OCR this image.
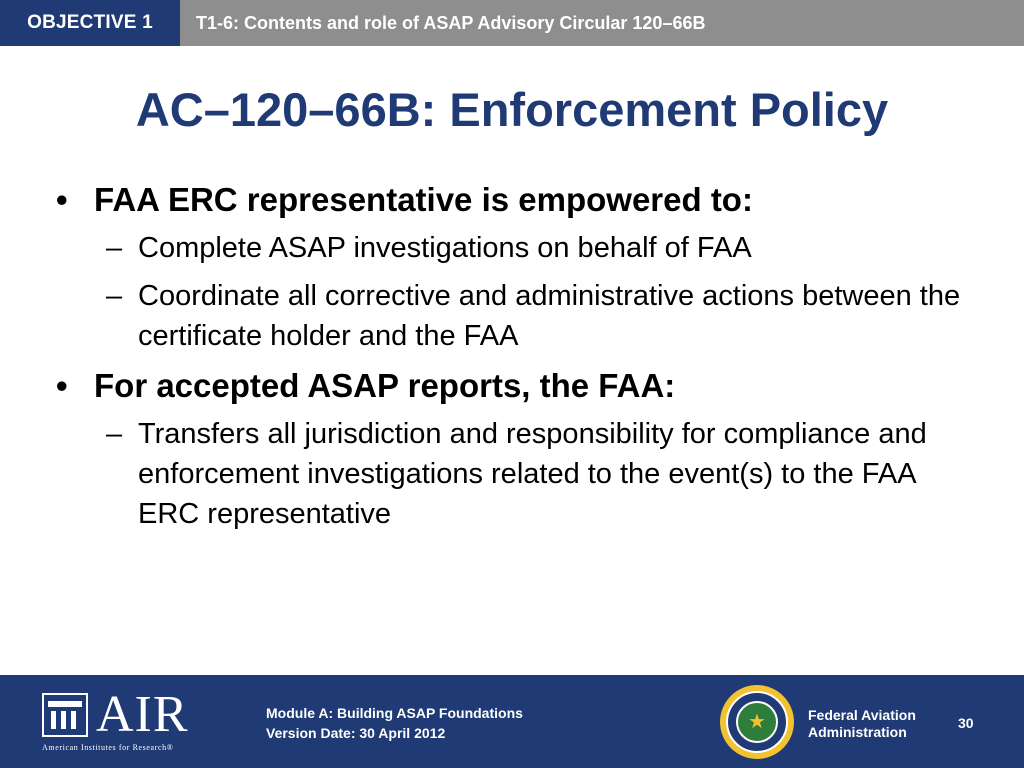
OBJECTIVE 1	T1-6: Contents and role of ASAP Advisory Circular 120–66B
AC–120–66B: Enforcement Policy
• FAA ERC representative is empowered to:
– Complete ASAP investigations on behalf of FAA
– Coordinate all corrective and administrative actions between the certificate holder and the FAA
• For accepted ASAP reports, the FAA:
– Transfers all jurisdiction and responsibility for compliance and enforcement investigations related to the event(s) to the FAA ERC representative
AIR
American Institutes for Research®
Module A: Building ASAP Foundations
Version Date: 30 April 2012	★	Federal Aviation
Administration
30
